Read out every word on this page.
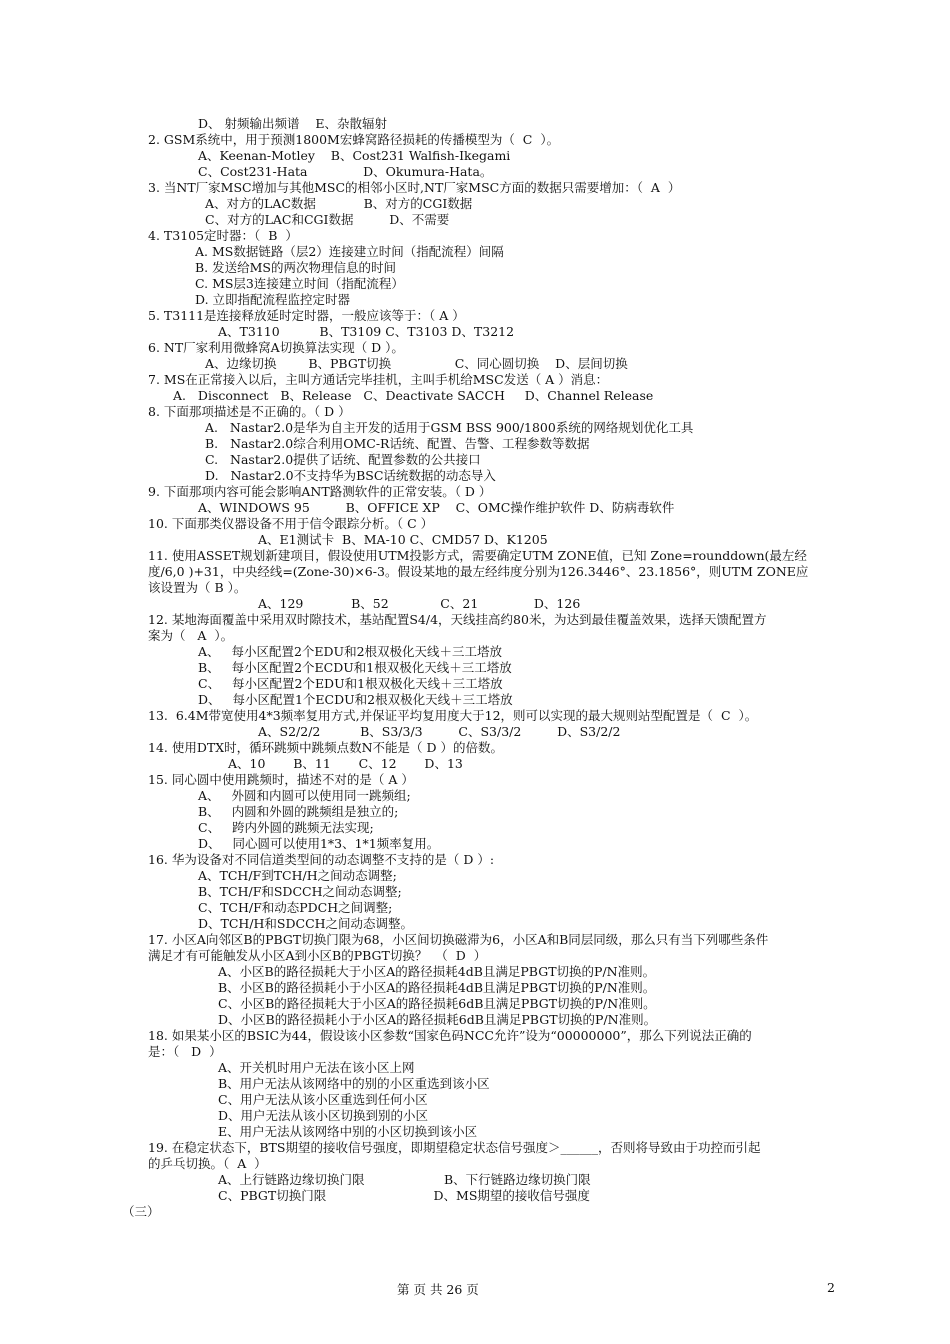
D、 射频输出频谱    E、杂散辐射
2. GSM系统中，用于预测1800M宏蜂窝路径损耗的传播模型为（  C  ）。
A、Keenan-Motley    B、Cost231 Walfish-Ikegami
C、Cost231-Hata              D、Okumura-Hata。
3. 当NT厂家MSC增加与其他MSC的相邻小区时,NT厂家MSC方面的数据只需要增加：（  A  ）
A、对方的LAC数据            B、对方的CGI数据
C、对方的LAC和CGI数据         D、不需要
4. T3105定时器：（  B  ）
A. MS数据链路（层2）连接建立时间（指配流程）间隔
B. 发送给MS的两次物理信息的时间
C. MS层3连接建立时间（指配流程）
D. 立即指配流程监控定时器
5. T3111是连接释放延时定时器，一般应该等于：（ A ）
A、T3110          B、T3109 C、T3103 D、T3212
6. NT厂家利用微蜂窝A切换算法实现（ D ）。
A、边缘切换        B、PBGT切换                C、同心圆切换    D、层间切换
7. MS在正常接入以后，主叫方通话完毕挂机，主叫手机给MSC发送（ A ）消息：
A.   Disconnect   B、Release   C、Deactivate SACCH     D、Channel Release
8. 下面那项描述是不正确的。（ D ）
A.   Nastar2.0是华为自主开发的适用于GSM BSS 900/1800系统的网络规划优化工具
B.   Nastar2.0综合利用OMC-R话统、配置、告警、工程参数等数据
C.   Nastar2.0提供了话统、配置参数的公共接口
D.   Nastar2.0不支持华为BSC话统数据的动态导入
9. 下面那项内容可能会影响ANT路测软件的正常安装。（ D ）
A、WINDOWS 95         B、OFFICE XP    C、OMC操作维护软件 D、防病毒软件
10. 下面那类仪器设备不用于信令跟踪分析。（ C ）
A、E1测试卡  B、MA-10 C、CMD57 D、K1205
11. 使用ASSET规划新建项目，假设使用UTM投影方式，需要确定UTM ZONE值，已知 Zone=rounddown(最左经
度/6,0 )+31，中央经线=(Zone-30)×6-3。假设某地的最左经纬度分别为126.3446°、23.1856°，则UTM ZONE应
该设置为（ B ）。
A、129            B、52             C、21              D、126
12. 某地海面覆盖中采用双时隙技术，基站配置S4/4，天线挂高约80米，为达到最佳覆盖效果，选择天馈配置方
案为（   A  ）。
A、   每小区配置2个EDU和2根双极化天线＋三工塔放
B、   每小区配置2个ECDU和1根双极化天线＋三工塔放
C、   每小区配置2个EDU和1根双极化天线＋三工塔放
D、   每小区配置1个ECDU和2根双极化天线＋三工塔放
13.  6.4M带宽使用4*3频率复用方式,并保证平均复用度大于12，则可以实现的最大规则站型配置是（  C  ）。
A、S2/2/2          B、S3/3/3         C、S3/3/2         D、S3/2/2
14. 使用DTX时，循环跳频中跳频点数N不能是（ D ）的倍数。
A、10       B、11       C、12       D、13
15. 同心圆中使用跳频时，描述不对的是（ A ）
A、   外圆和内圆可以使用同一跳频组;
B、   内圆和外圆的跳频组是独立的;
C、   跨内外圆的跳频无法实现;
D、   同心圆可以使用1*3、1*1频率复用。
16. 华为设备对不同信道类型间的动态调整不支持的是（ D ）:
A、TCH/F到TCH/H之间动态调整;
B、TCH/F和SDCCH之间动态调整;
C、TCH/F和动态PDCH之间调整;
D、TCH/H和SDCCH之间动态调整。
17. 小区A向邻区B的PBGT切换门限为68，小区间切换磁滞为6，小区A和B同层同级，那么只有当下列哪些条件
满足才有可能触发从小区A到小区B的PBGT切换？  （  D  ）
A、小区B的路径损耗大于小区A的路径损耗4dB且满足PBGT切换的P/N准则。
B、小区B的路径损耗小于小区A的路径损耗4dB且满足PBGT切换的P/N准则。
C、小区B的路径损耗大于小区A的路径损耗6dB且满足PBGT切换的P/N准则。
D、小区B的路径损耗小于小区A的路径损耗6dB且满足PBGT切换的P/N准则。
18. 如果某小区的BSIC为44，假设该小区参数“国家色码NCC允许”设为“00000000”，那么下列说法正确的
是：（   D  ）
A、开关机时用户无法在该小区上网
B、用户无法从该网络中的别的小区重选到该小区
C、用户无法从该小区重选到任何小区
D、用户无法从该小区切换到别的小区
E、用户无法从该网络中别的小区切换到该小区
19. 在稳定状态下，BTS期望的接收信号强度，即期望稳定状态信号强度＞______，否则将导致由于功控而引起
的乒乓切换。（  A  ）
A、上行链路边缘切换门限                    B、下行链路边缘切换门限
C、PBGT切换门限                           D、MS期望的接收信号强度
（三）
第 页 共 26 页	2
